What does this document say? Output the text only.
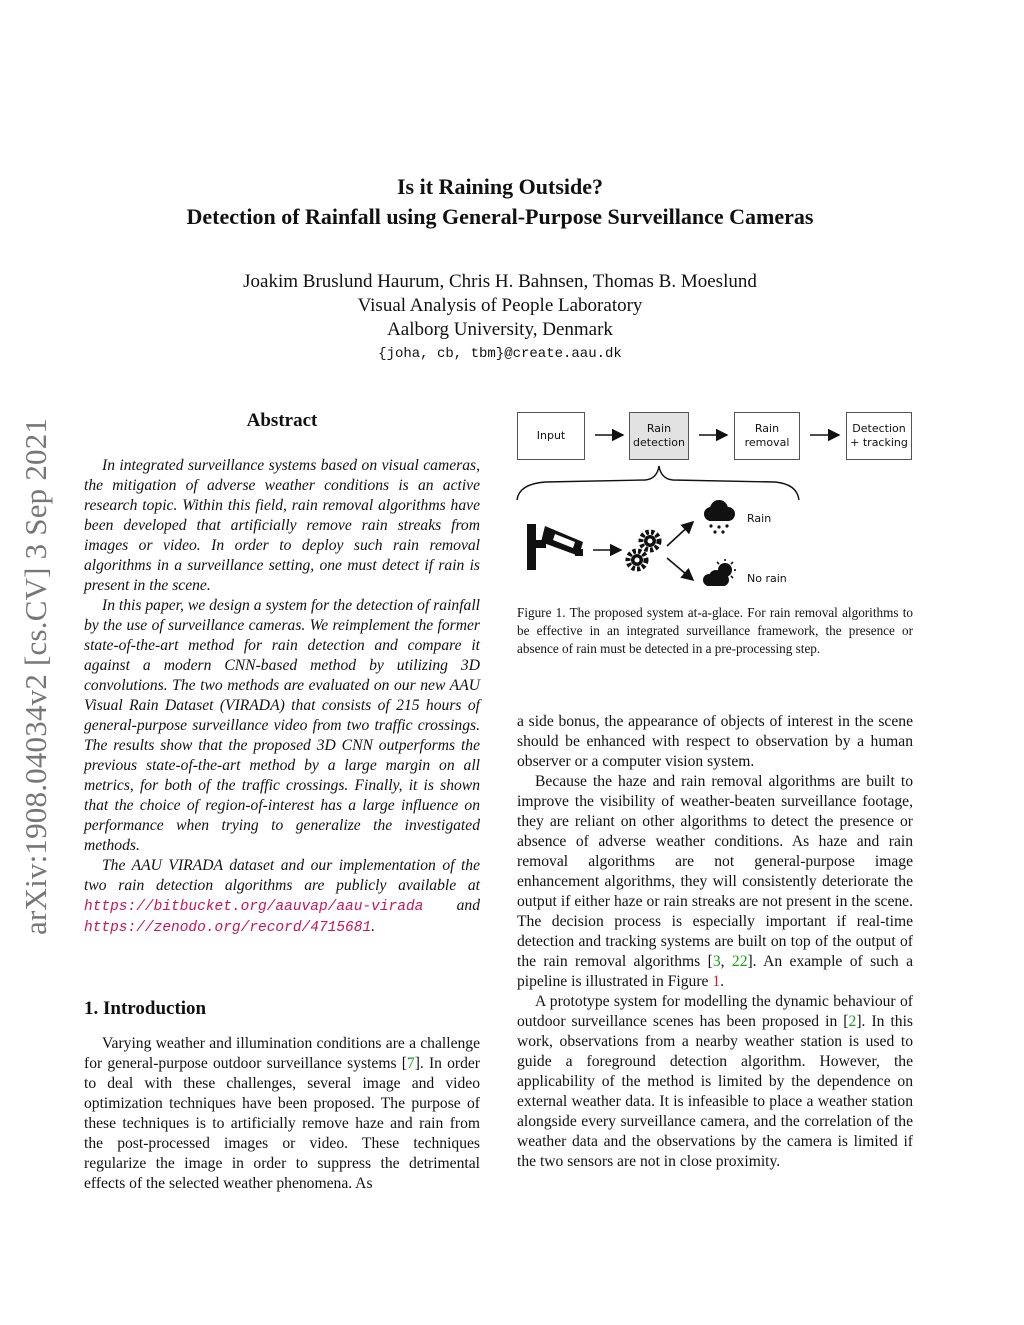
Is it Raining Outside?
Detection of Rainfall using General-Purpose Surveillance Cameras
Joakim Bruslund Haurum, Chris H. Bahnsen, Thomas B. Moeslund
Visual Analysis of People Laboratory
Aalborg University, Denmark
{joha, cb, tbm}@create.aau.dk
arXiv:1908.04034v2 [cs.CV] 3 Sep 2021	Abstract

In integrated surveillance systems based on visual cameras, the mitigation of adverse weather conditions is an active research topic. Within this field, rain removal algorithms have been developed that artificially remove rain streaks from images or video. In order to deploy such rain removal algorithms in a surveillance setting, one must detect if rain is present in the scene.

In this paper, we design a system for the detection of rainfall by the use of surveillance cameras. We reimplement the former state-of-the-art method for rain detection and compare it against a modern CNN-based method by utilizing 3D convolutions. The two methods are evaluated on our new AAU Visual Rain Dataset (VIRADA) that consists of 215 hours of general-purpose surveillance video from two traffic crossings. The results show that the proposed 3D CNN outperforms the previous state-of-the-art method by a large margin on all metrics, for both of the traffic crossings. Finally, it is shown that the choice of region-of-interest has a large influence on performance when trying to generalize the investigated methods.

The AAU VIRADA dataset and our implementation of the two rain detection algorithms are publicly available at https://bitbucket.org/aauvap/aau-virada and https://zenodo.org/record/4715681.

1. Introduction

Varying weather and illumination conditions are a challenge for general-purpose outdoor surveillance systems [7]. In order to deal with these challenges, several image and video optimization techniques have been proposed. The purpose of these techniques is to artificially remove haze and rain from the post-processed images or video. These techniques regularize the image in order to suppress the detrimental effects of the selected weather phenomena. As

Input
Rain detection
Rain removal
Detection + tracking
Rain
No rain
Figure 1. The proposed system at-a-glace. For rain removal algorithms to be effective in an integrated surveillance framework, the presence or absence of rain must be detected in a pre-processing step.

a side bonus, the appearance of objects of interest in the scene should be enhanced with respect to observation by a human observer or a computer vision system.

Because the haze and rain removal algorithms are built to improve the visibility of weather-beaten surveillance footage, they are reliant on other algorithms to detect the presence or absence of adverse weather conditions. As haze and rain removal algorithms are not general-purpose image enhancement algorithms, they will consistently deteriorate the output if either haze or rain streaks are not present in the scene. The decision process is especially important if real-time detection and tracking systems are built on top of the output of the rain removal algorithms [3, 22]. An example of such a pipeline is illustrated in Figure 1.

A prototype system for modelling the dynamic behaviour of outdoor surveillance scenes has been proposed in [2]. In this work, observations from a nearby weather station is used to guide a foreground detection algorithm. However, the applicability of the method is limited by the dependence on external weather data. It is infeasible to place a weather station alongside every surveillance camera, and the correlation of the weather data and the observations by the camera is limited if the two sensors are not in close proximity.
